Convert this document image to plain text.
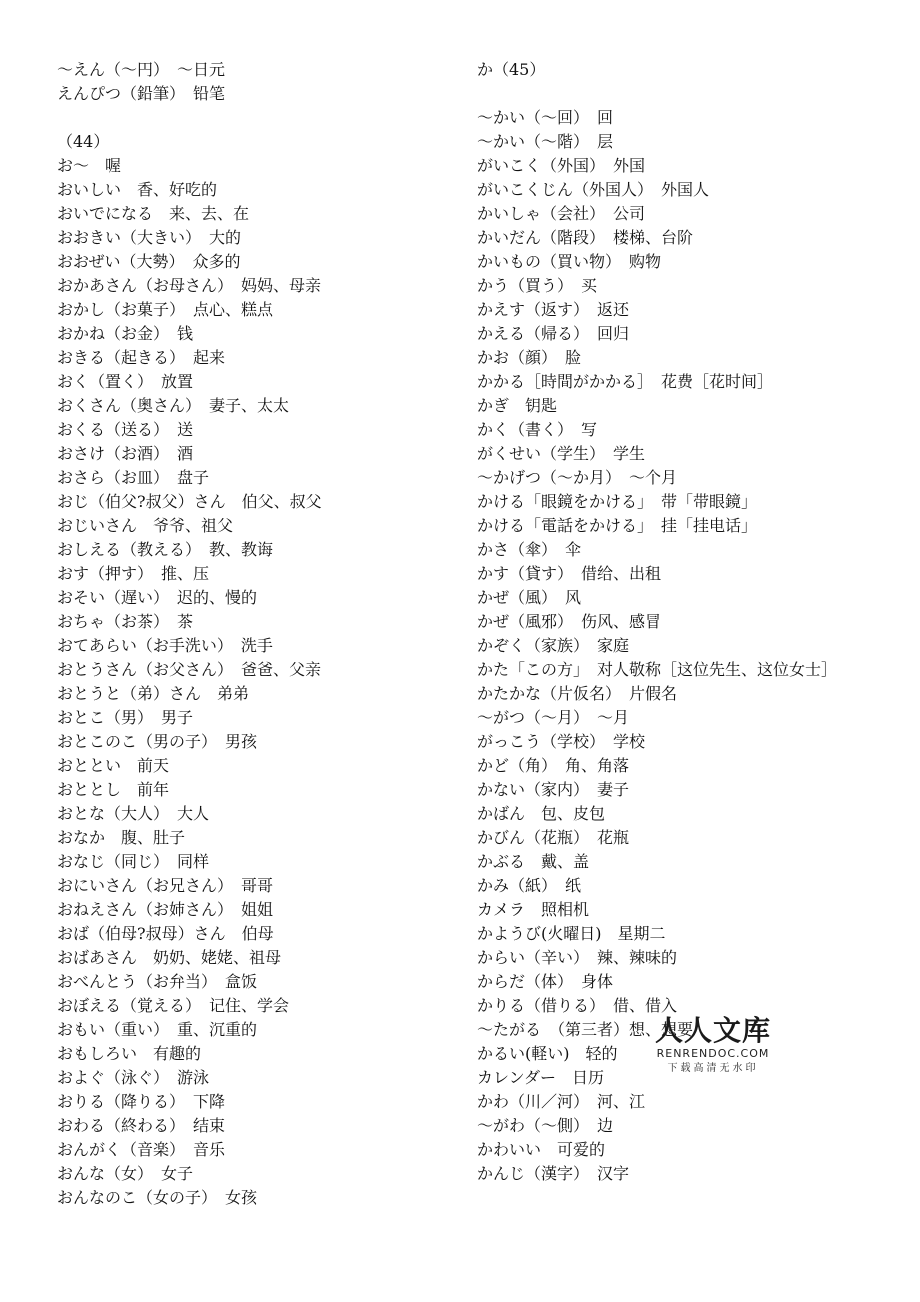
～えん（～円）　～日元
えんぴつ（鉛筆）　铅笔
（44）
お～　喔
おいしい　香、好吃的
おいでになる　来、去、在
おおきい（大きい）　大的
おおぜい（大勢）　众多的
おかあさん（お母さん）　妈妈、母亲
おかし（お菓子）　点心、糕点
おかね（お金）　钱
おきる（起きる）　起来
おく（置く）　放置
おくさん（奥さん）　妻子、太太
おくる（送る）　送
おさけ（お酒）　酒
おさら（お皿）　盘子
おじ（伯父?叔父）さん　伯父、叔父
おじいさん　爷爷、祖父
おしえる（教える）　教、教诲
おす（押す）　推、压
おそい（遅い）　迟的、慢的
おちゃ（お茶）　茶
おてあらい（お手洗い）　洗手
おとうさん（お父さん）　爸爸、父亲
おとうと（弟）さん　弟弟
おとこ（男）　男子
おとこのこ（男の子）　男孩
おととい　前天
おととし　前年
おとな（大人）　大人
おなか　腹、肚子
おなじ（同じ）　同样
おにいさん（お兄さん）　哥哥
おねえさん（お姉さん）　姐姐
おば（伯母?叔母）さん　伯母
おばあさん　奶奶、姥姥、祖母
おべんとう（お弁当）　盒饭
おぼえる（覚える）　记住、学会
おもい（重い）　重、沉重的
おもしろい　有趣的
およぐ（泳ぐ）　游泳
おりる（降りる）　下降
おわる（終わる）　结束
おんがく（音楽）　音乐
おんな（女）　女子
おんなのこ（女の子）　女孩
か（45）
～かい（～回）　回
～かい（～階）　层
がいこく（外国）　外国
がいこくじん（外国人）　外国人
かいしゃ（会社）　公司
かいだん（階段）　楼梯、台阶
かいもの（買い物）　购物
かう（買う）　买
かえす（返す）　返还
かえる（帰る）　回归
かお（顔）　脸
かかる［時間がかかる］　花费［花时间］
かぎ　钥匙
かく（書く）　写
がくせい（学生）　学生
～かげつ（～か月）　～个月
かける「眼鏡をかける」　带「带眼鏡」
かける「電話をかける」　挂「挂电话」
かさ（傘）　伞
かす（貸す）　借给、出租
かぜ（風）　风
かぜ（風邪）　伤风、感冒
かぞく（家族）　家庭
かた「この方」　对人敬称［这位先生、这位女士］
かたかな（片仮名）　片假名
～がつ（～月）　～月
がっこう（学校）　学校
かど（角）　角、角落
かない（家内）　妻子
かばん　包、皮包
かびん（花瓶）　花瓶
かぶる　戴、盖
かみ（紙）　纸
カメラ　照相机
かようび(火曜日)　星期二
からい（辛い）　辣、辣味的
からだ（体）　身体
かりる（借りる）　借、借入
～たがる　（第三者）想、想要
かるい(軽い)　轻的
カレンダー　日历
かわ（川／河）　河、江
～がわ（～側）　边
かわいい　可爱的
かんじ（漢字）　汉字
人人文库
RENRENDOC.COM
下载高清无水印
